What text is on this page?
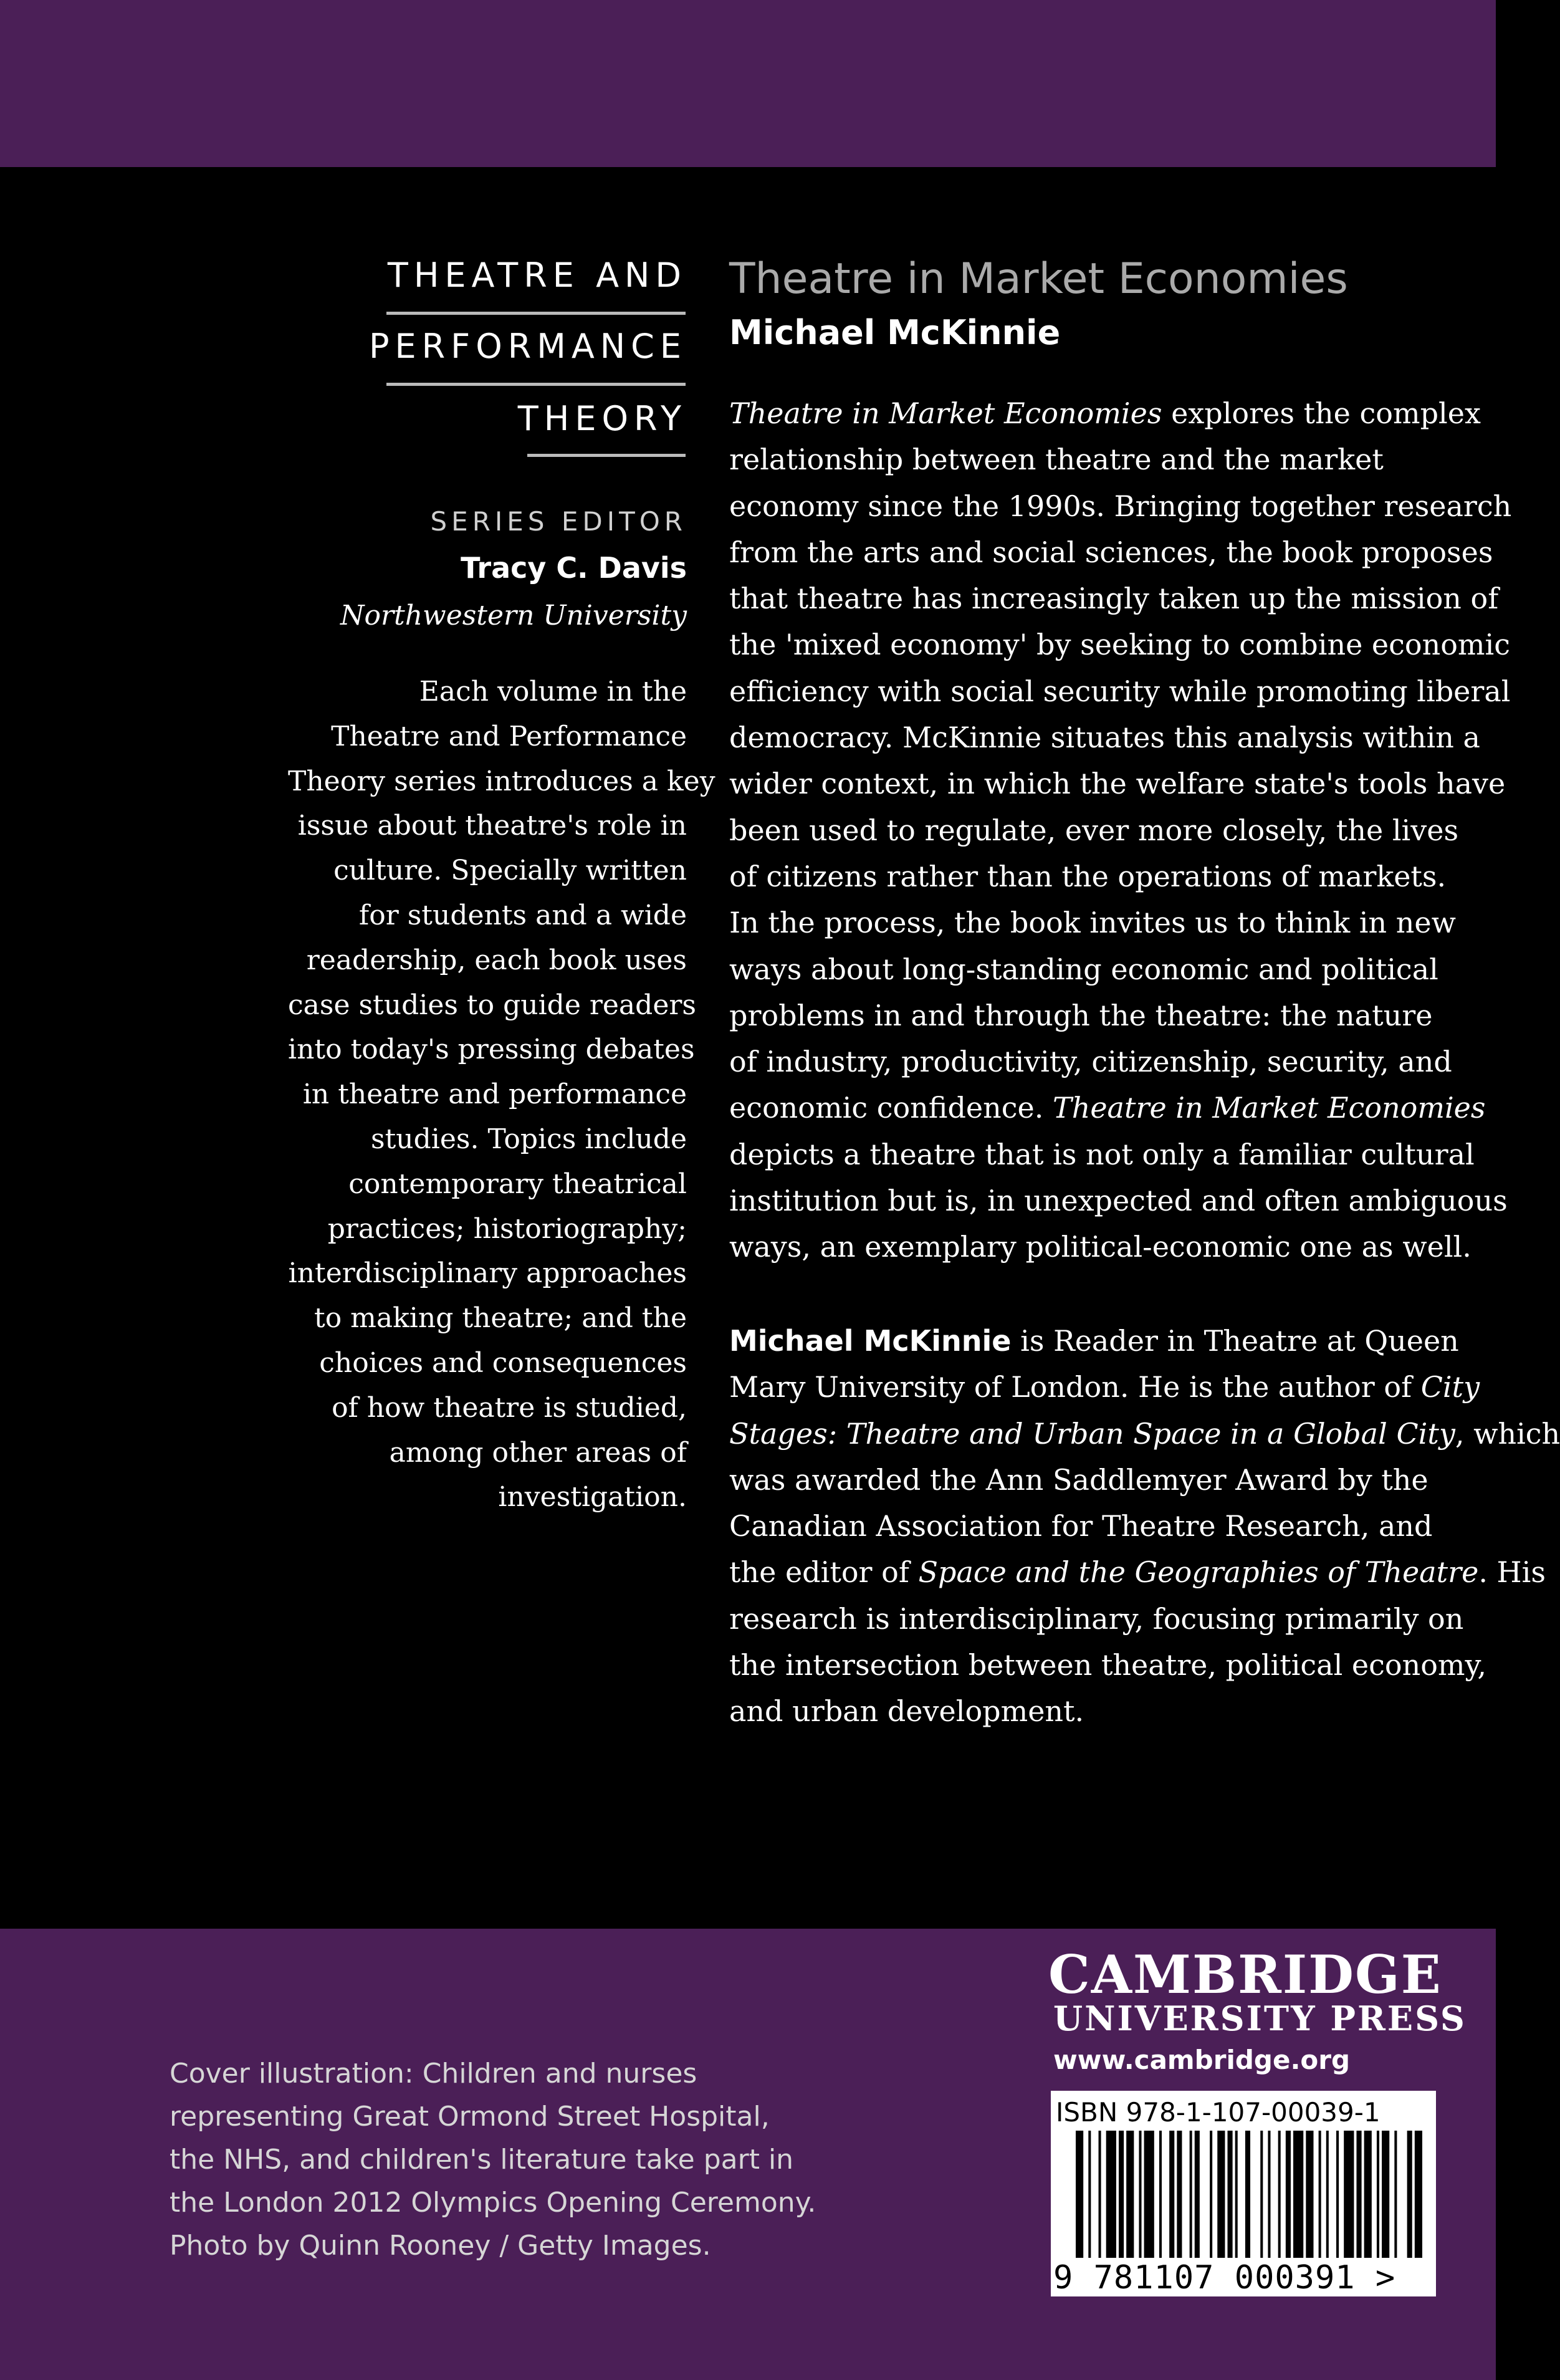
THEATRE AND
PERFORMANCE
THEORY
SERIES EDITOR
Tracy C. Davis
Northwestern University
Each volume in the
Theatre and Performance
Theory series introduces a key
issue about theatre's role in
culture. Specially written
for students and a wide
readership, each book uses
case studies to guide readers
into today's pressing debates
in theatre and performance
studies. Topics include
contemporary theatrical
practices; historiography;
interdisciplinary approaches
to making theatre; and the
choices and consequences
of how theatre is studied,
among other areas of
investigation.
Theatre in Market Economies
Michael McKinnie
Theatre in Market Economies explores the complex
relationship between theatre and the market
economy since the 1990s. Bringing together research
from the arts and social sciences, the book proposes
that theatre has increasingly taken up the mission of
the 'mixed economy' by seeking to combine economic
efficiency with social security while promoting liberal
democracy. McKinnie situates this analysis within a
wider context, in which the welfare state's tools have
been used to regulate, ever more closely, the lives
of citizens rather than the operations of markets.
In the process, the book invites us to think in new
ways about long-standing economic and political
problems in and through the theatre: the nature
of industry, productivity, citizenship, security, and
economic confidence. Theatre in Market Economies
depicts a theatre that is not only a familiar cultural
institution but is, in unexpected and often ambiguous
ways, an exemplary political-economic one as well.
Michael McKinnie is Reader in Theatre at Queen
Mary University of London. He is the author of City
Stages: Theatre and Urban Space in a Global City, which
was awarded the Ann Saddlemyer Award by the
Canadian Association for Theatre Research, and
the editor of Space and the Geographies of Theatre. His
research is interdisciplinary, focusing primarily on
the intersection between theatre, political economy,
and urban development.
Cover illustration: Children and nurses
representing Great Ormond Street Hospital,
the NHS, and children's literature take part in
the London 2012 Olympics Opening Ceremony.
Photo by Quinn Rooney / Getty Images.
CAMBRIDGE
UNIVERSITY PRESS
www.cambridge.org
ISBN 978-1-107-00039-1
9 781107 000391 >
